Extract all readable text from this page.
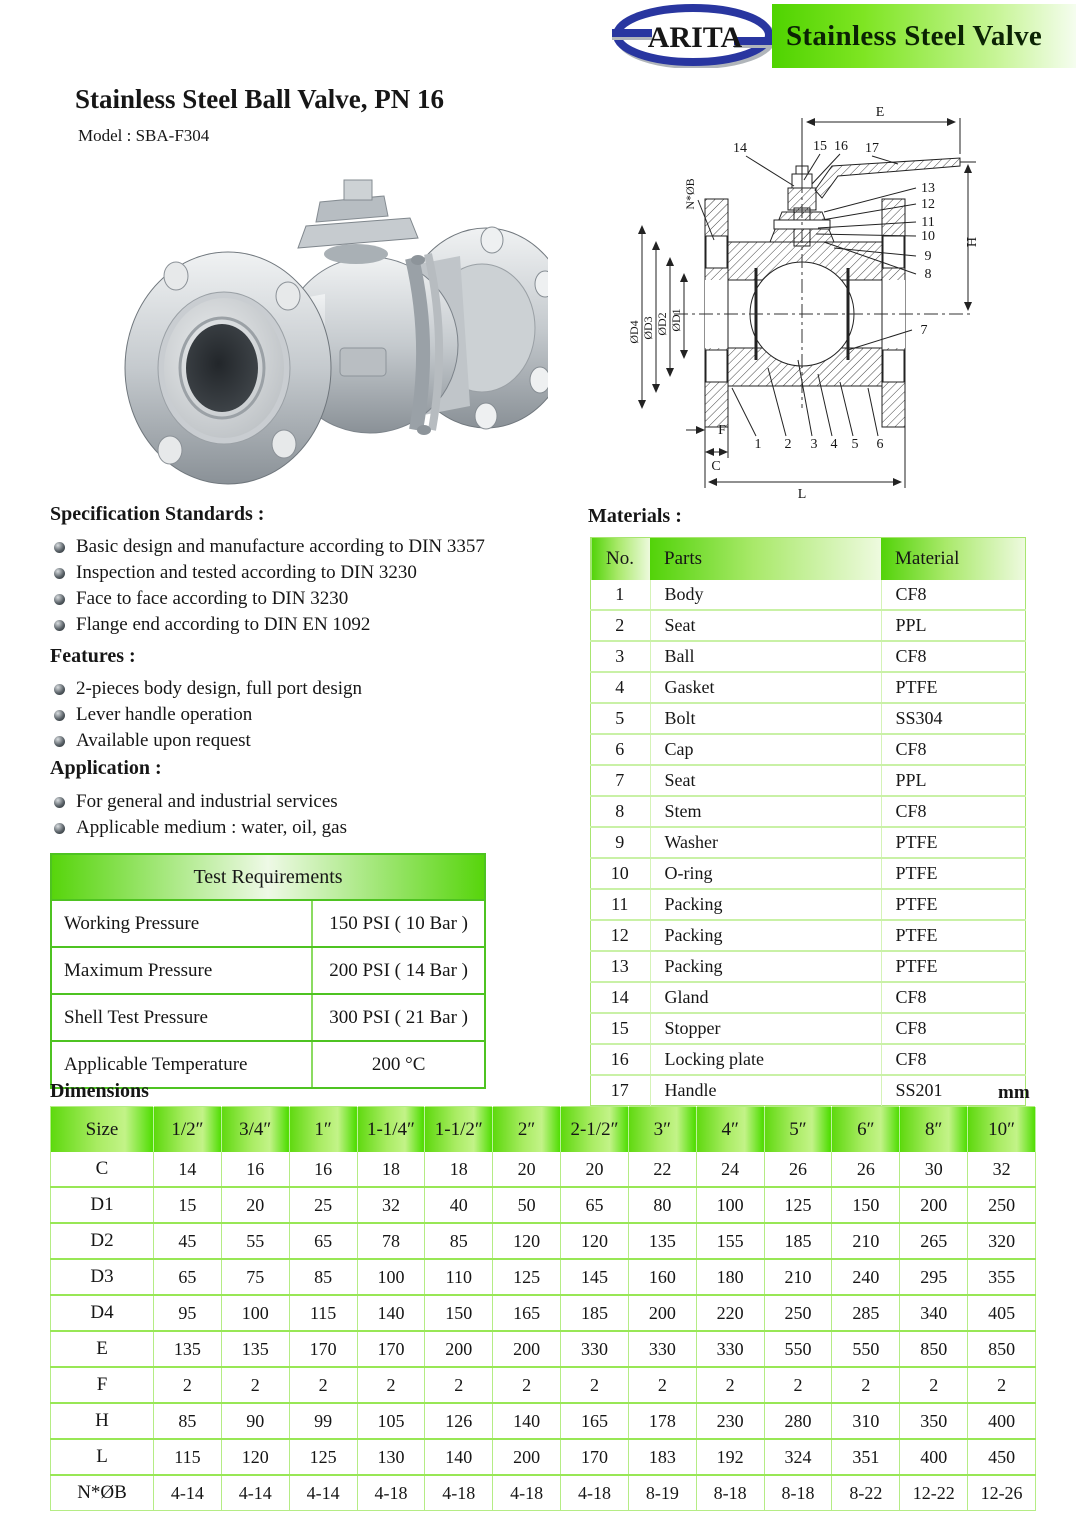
ARITA	Stainless Steel Valve
Stainless Steel Ball Valve, PN 16
Model : SBA-F304
E
H
L
C
F
N*ØB
ØD4 ØD3 ØD2 ØD1
14	15 16 17
13
12
11
10
9
8
7
1 2 3 4 5 6
Specification Standards :
Basic design and manufacture according to DIN 3357
Inspection and tested according to DIN 3230
Face to face according to DIN 3230
Flange end according to DIN EN 1092
Features :
2-pieces body design, full port design
Lever handle operation
Available upon request
Application :
For general and industrial services
Applicable medium : water, oil, gas
Test Requirements
Working Pressure	150 PSI ( 10 Bar )
Maximum Pressure	200 PSI ( 14 Bar )
Shell Test Pressure	300 PSI ( 21 Bar )
Applicable Temperature	200 °C
Materials :
No.	Parts	Material
1	Body	CF8
2	Seat	PPL
3	Ball	CF8
4	Gasket	PTFE
5	Bolt	SS304
6	Cap	CF8
7	Seat	PPL
8	Stem	CF8
9	Washer	PTFE
10	O-ring	PTFE
11	Packing	PTFE
12	Packing	PTFE
13	Packing	PTFE
14	Gland	CF8
15	Stopper	CF8
16	Locking plate	CF8
17	Handle	SS201
Dimensions	mm
Size	1/2″	3/4″	1″	1-1/4″	1-1/2″	2″	2-1/2″	3″	4″	5″	6″	8″	10″
C	14	16	16	18	18	20	20	22	24	26	26	30	32
D1	15	20	25	32	40	50	65	80	100	125	150	200	250
D2	45	55	65	78	85	120	120	135	155	185	210	265	320
D3	65	75	85	100	110	125	145	160	180	210	240	295	355
D4	95	100	115	140	150	165	185	200	220	250	285	340	405
E	135	135	170	170	200	200	330	330	330	550	550	850	850
F	2	2	2	2	2	2	2	2	2	2	2	2	2
H	85	90	99	105	126	140	165	178	230	280	310	350	400
L	115	120	125	130	140	200	170	183	192	324	351	400	450
N*ØB	4-14	4-14	4-14	4-18	4-18	4-18	4-18	8-19	8-18	8-18	8-22	12-22	12-26
